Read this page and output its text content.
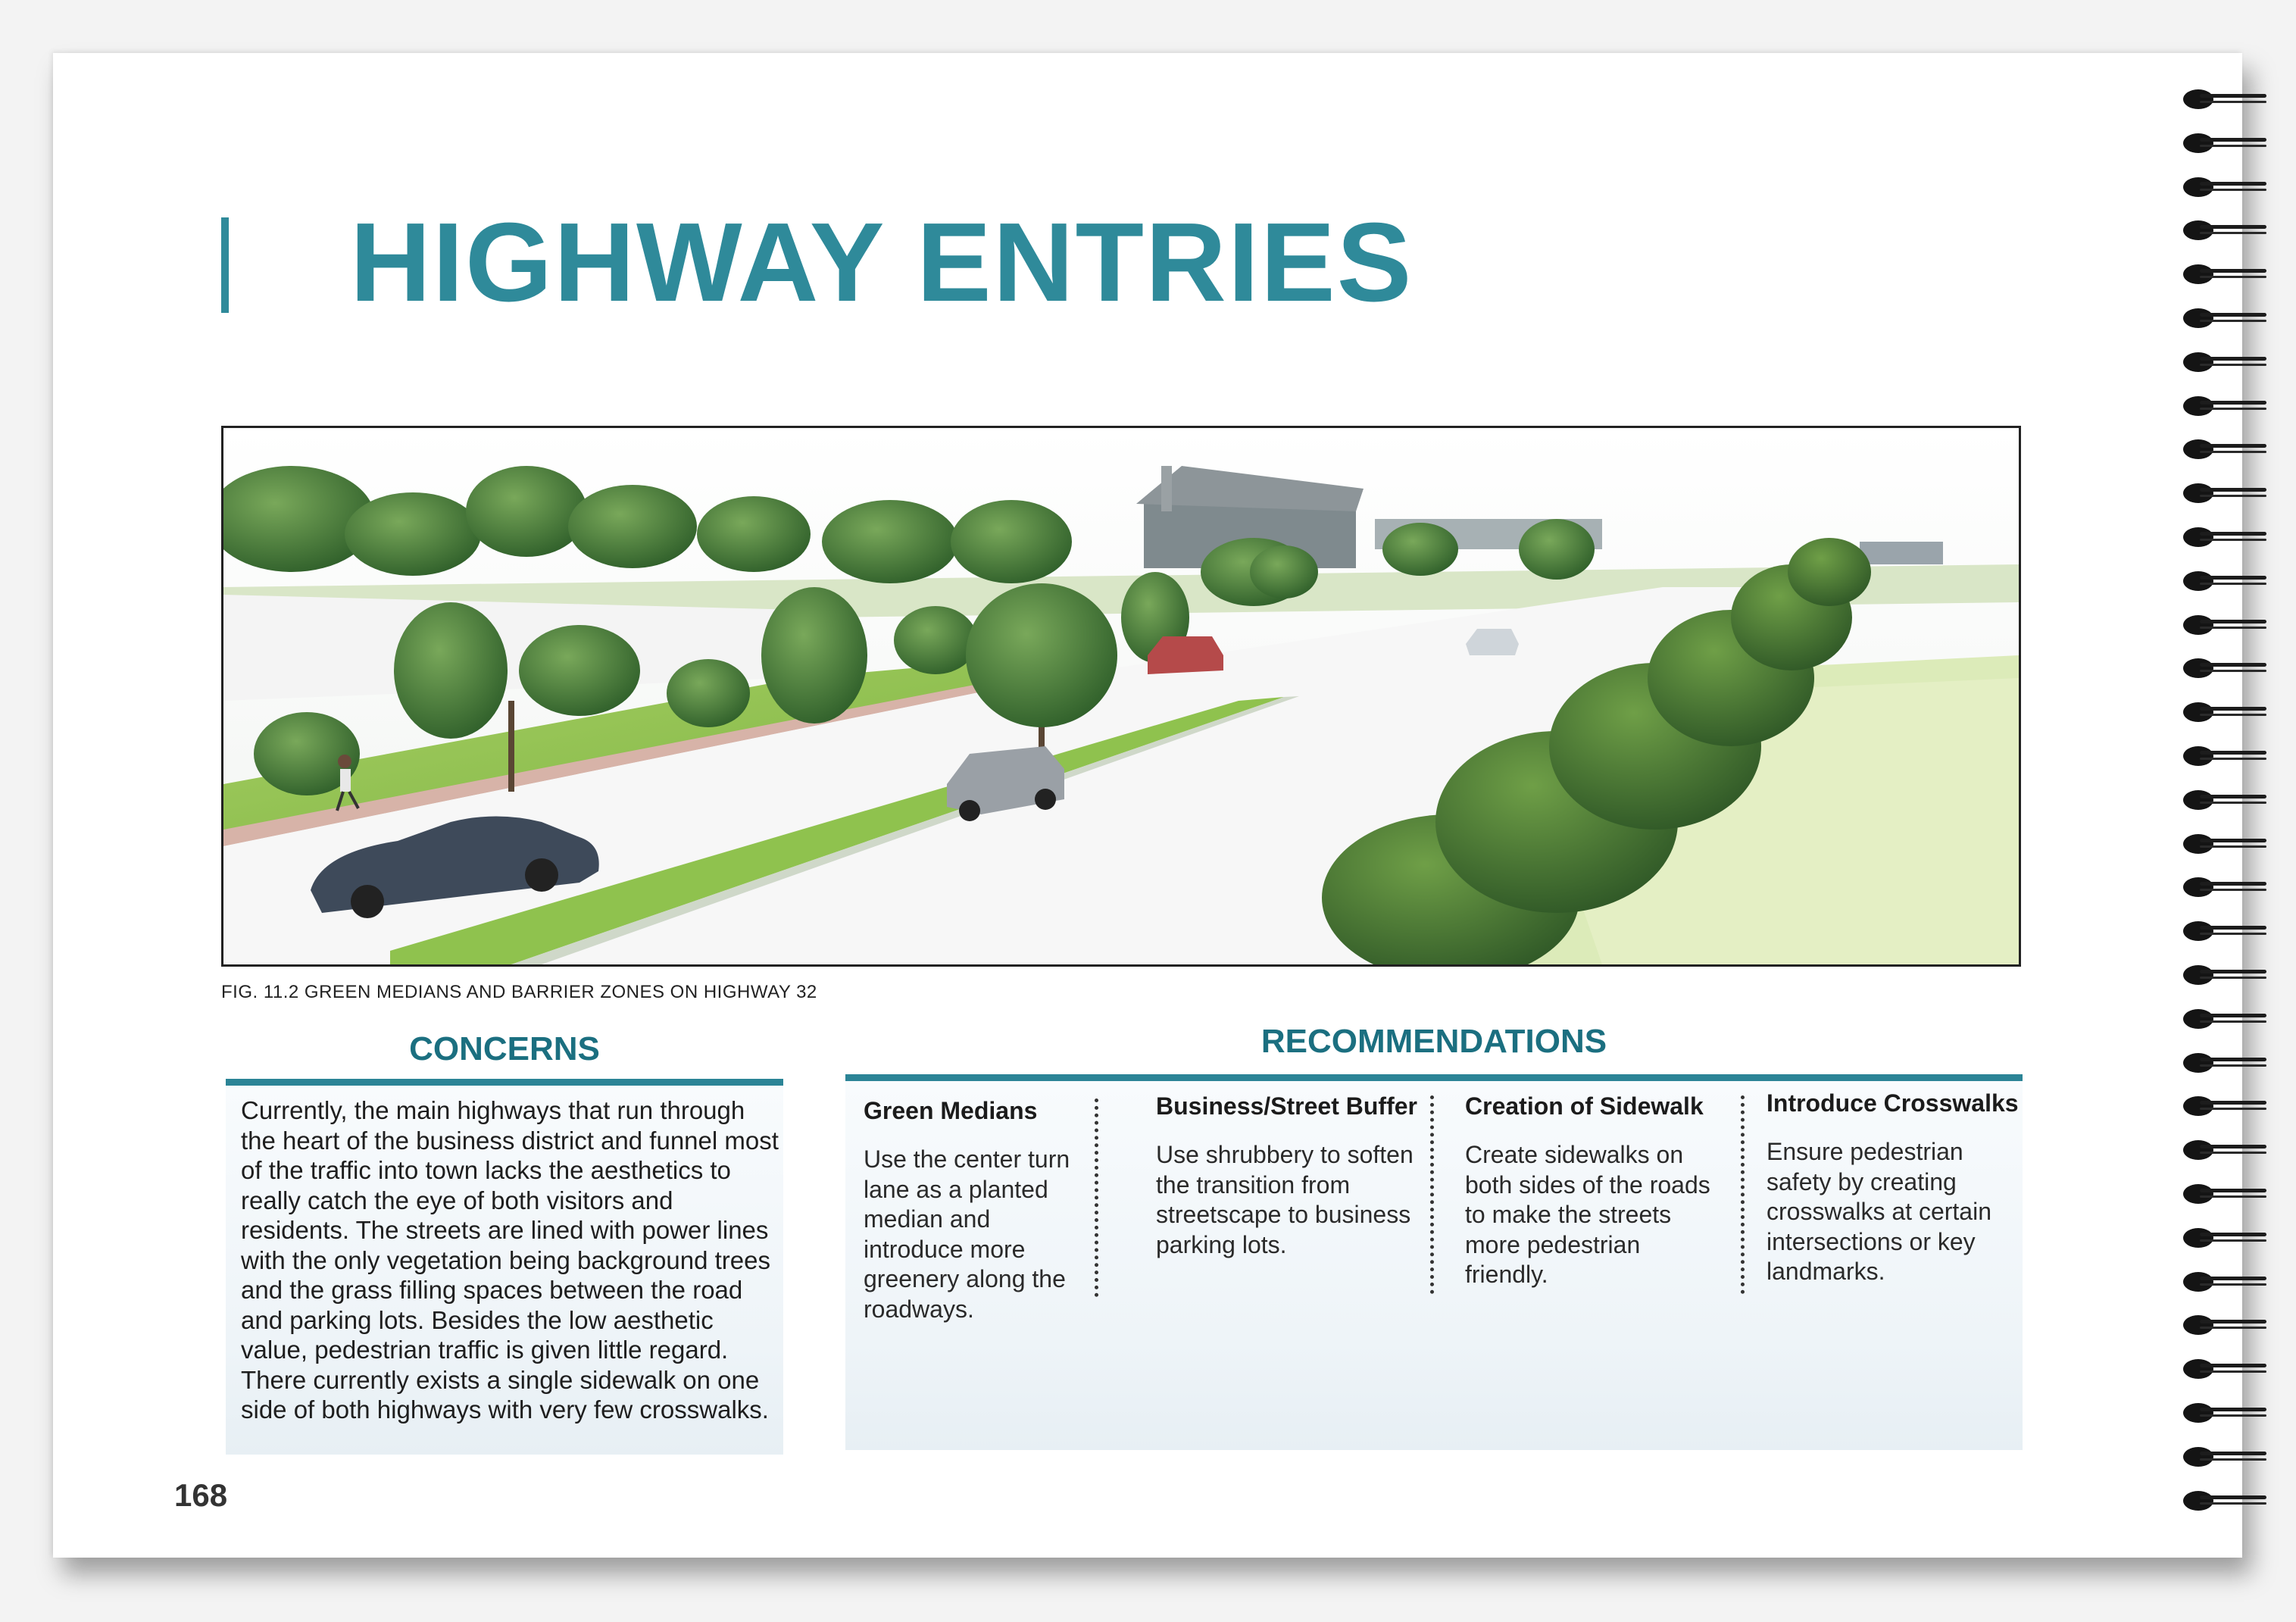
HIGHWAY ENTRIES
FIG. 11.2 GREEN MEDIANS AND BARRIER ZONES ON HIGHWAY 32
CONCERNS
Currently, the main highways that run through the heart of the business district and funnel most of the traffic into town lacks the aesthetics to really catch the eye of both visitors and residents. The streets are lined with power lines with the only vegetation being background trees and the grass filling spaces between the road and parking lots. Besides the low aesthetic value, pedestrian traffic is given little regard. There currently exists a single sidewalk on one side of both highways with very few crosswalks.
RECOMMENDATIONS
Green Medians

Use the center turn lane as a planted median and introduce more greenery along the roadways.

Business/Street Buffer

Use shrubbery to soften the transition from streetscape to business parking lots.

Creation of Sidewalk

Create sidewalks on both sides of the roads to make the streets more pedestrian friendly.

Introduce Crosswalks

Ensure pedestrian safety by creating crosswalks at certain intersections or key landmarks.

168
